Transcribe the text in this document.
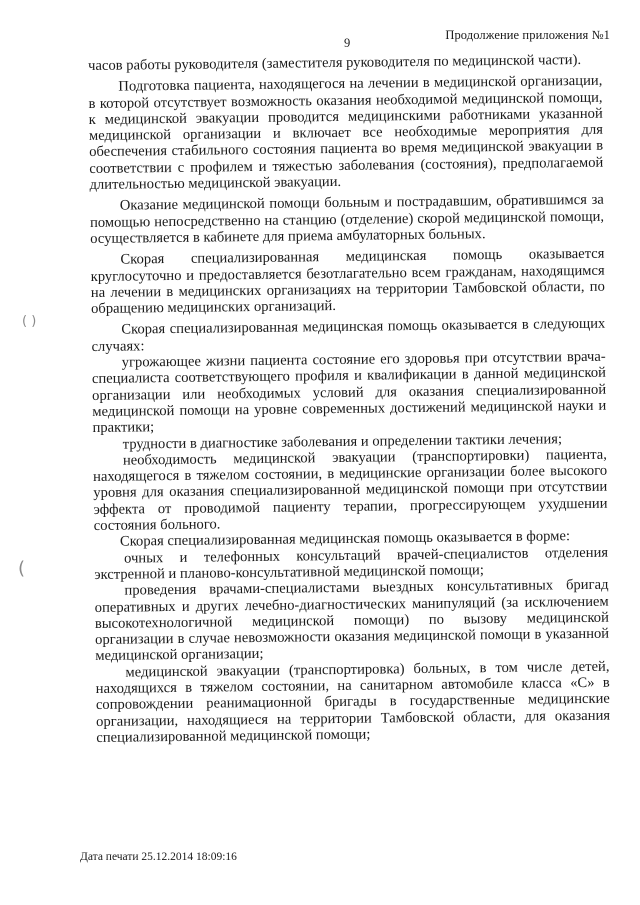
Продолжение приложения №1
9
( )
(

часов работы руководителя (заместителя руководителя по медицинской части).

Подготовка пациента, находящегося на лечении в медицинской организации, в которой отсутствует возможность оказания необходимой медицинской помощи, к медицинской эвакуации проводится медицинскими работниками указанной медицинской организации и включает все необходимые мероприятия для обеспечения стабильного состояния пациента во время медицинской эвакуации в соответствии с профилем и тяжестью заболевания (состояния), предполагаемой длительностью медицинской эвакуации.

Оказание медицинской помощи больным и пострадавшим, обратившимся за помощью непосредственно на станцию (отделение) скорой медицинской помощи, осуществляется в кабинете для приема амбулаторных больных.

Скорая специализированная медицинская помощь оказывается круглосуточно и предоставляется безотлагательно всем гражданам, находящимся на лечении в медицинских организациях на территории Тамбовской области, по обращению медицинских организаций.

Скорая специализированная медицинская помощь оказывается в следующих случаях:

угрожающее жизни пациента состояние его здоровья при отсутствии врача-специалиста соответствующего профиля и квалификации в данной медицинской организации или необходимых условий для оказания специализированной медицинской помощи на уровне современных достижений медицинской науки и практики;

трудности в диагностике заболевания и определении тактики лечения;

необходимость медицинской эвакуации (транспортировки) пациента, находящегося в тяжелом состоянии, в медицинские организации более высокого уровня для оказания специализированной медицинской помощи при отсутствии эффекта от проводимой пациенту терапии, прогрессирующем ухудшении состояния больного.

Скорая специализированная медицинская помощь оказывается в форме:

очных и телефонных консультаций врачей-специалистов отделения экстренной и планово-консультативной медицинской помощи;

проведения врачами-специалистами выездных консультативных бригад оперативных и других лечебно-диагностических манипуляций (за исключением высокотехнологичной медицинской помощи) по вызову медицинской организации в случае невозможности оказания медицинской помощи в указанной медицинской организации;

медицинской эвакуации (транспортировка) больных, в том числе детей, находящихся в тяжелом состоянии, на санитарном автомобиле класса «С» в сопровождении реанимационной бригады в государственные медицинские организации, находящиеся на территории Тамбовской области, для оказания специализированной медицинской помощи;

Дата печати 25.12.2014 18:09:16
